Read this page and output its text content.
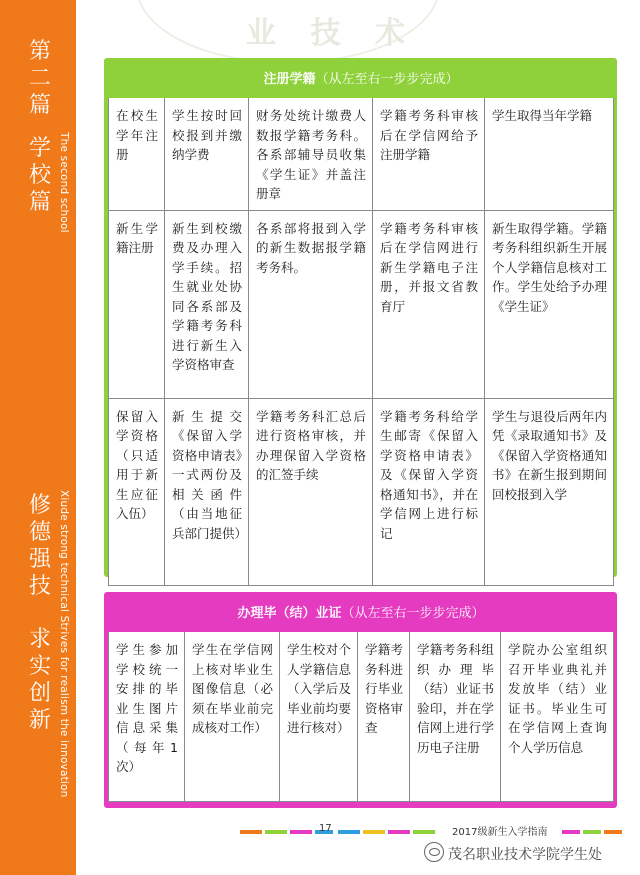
第二篇
学校篇 The second school
修德强技
求实创新 Xiude strong technical Strives for realism the innovation
业 技 术
注册学籍（从左至右一步步完成）				
在校生学年注册	学生按时回校报到并缴纳学费	财务处统计缴费人数报学籍考务科。各系部辅导员收集《学生证》并盖注册章	学籍考务科审核后在学信网给予注册学籍	学生取得当年学籍
新生学籍注册	新生到校缴费及办理入学手续。招生就业处协同各系部及学籍考务科进行新生入学资格审查	各系部将报到入学的新生数据报学籍考务科。	学籍考务科审核后在学信网进行新生学籍电子注册，并报文省教育厅	新生取得学籍。学籍考务科组织新生开展个人学籍信息核对工作。学生处给予办理《学生证》
保留入学资格（只适用于新生应征入伍）	新生提交《保留入学资格申请表》一式两份及相关函件（由当地征兵部门提供）	学籍考务科汇总后进行资格审核，并办理保留入学资格的汇签手续	学籍考务科给学生邮寄《保留入学资格申请表》及《保留入学资格通知书》，并在学信网上进行标记	学生与退役后两年内凭《录取通知书》及《保留入学资格通知书》在新生报到期间回校报到入学
办理毕（结）业证（从左至右一步步完成）
学生参加学校统一安排的毕业生图片信息采集（每年1次）	学生在学信网上核对毕业生图像信息（必须在毕业前完成核对工作）	学生校对个人学籍信息（入学后及毕业前均要进行核对）	学籍考务科进行毕业资格审查	学籍考务科组织办理毕（结）业证书验印，并在学信网上进行学历电子注册	学院办公室组织召开毕业典礼并发放毕（结）业证书。毕业生可在学信网上查询个人学历信息
17	2017级新生入学指南
茂名职业技术学院学生处
